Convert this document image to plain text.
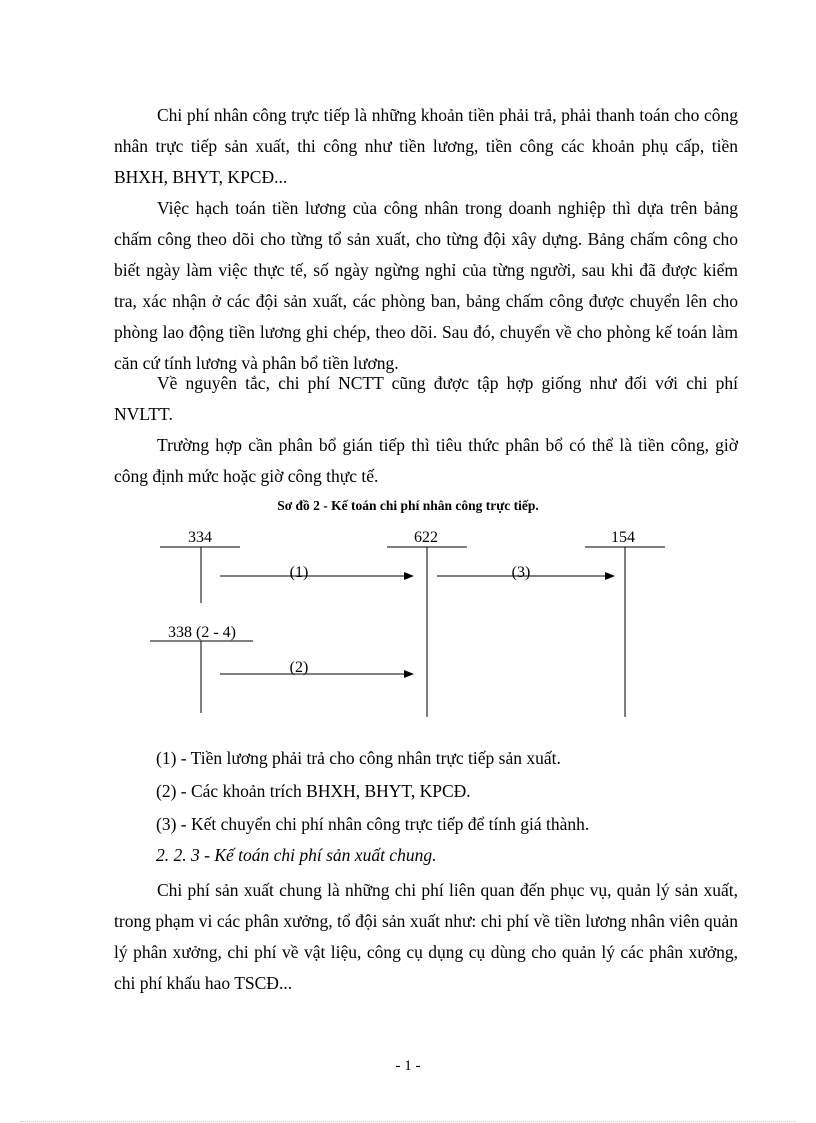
Chi phí nhân công trực tiếp là những khoản tiền phải trả, phải thanh toán cho công nhân trực tiếp sản xuất, thi công như tiền lương, tiền công các khoản phụ cấp, tiền BHXH, BHYT, KPCĐ...

Việc hạch toán tiền lương của công nhân trong doanh nghiệp thì dựa trên bảng chấm công theo dõi cho từng tổ sản xuất, cho từng đội xây dựng. Bảng chấm công cho biết ngày làm việc thực tế, số ngày ngừng nghỉ của từng người, sau khi đã được kiểm tra, xác nhận ở các đội sản xuất, các phòng ban, bảng chấm công được chuyển lên cho phòng lao động tiền lương ghi chép, theo dõi. Sau đó, chuyển về cho phòng kế toán làm căn cứ tính lương và phân bổ tiền lương.

Về nguyên tắc, chi phí NCTT cũng được tập hợp giống như đối với chi phí NVLTT.

Trường hợp cần phân bổ gián tiếp thì tiêu thức phân bổ có thể là tiền công, giờ công định mức hoặc giờ công thực tế.

Sơ đồ 2 - Kế toán chi phí nhân công trực tiếp.
334	622	154
338 (2 - 4)
(1)	(3)
(2)
(1) - Tiền lương phải trả cho công nhân trực tiếp sản xuất.
(2) - Các khoản trích BHXH, BHYT, KPCĐ.
(3) - Kết chuyển chi phí nhân công trực tiếp để tính giá thành.
2. 2. 3 - Kế toán chi phí sản xuất chung.

Chi phí sản xuất chung là những chi phí liên quan đến phục vụ, quản lý sản xuất, trong phạm vi các phân xưởng, tổ đội sản xuất như: chi phí về tiền lương nhân viên quản lý phân xưởng, chi phí về vật liệu, công cụ dụng cụ dùng cho quản lý các phân xưởng, chi phí khấu hao TSCĐ...

- 1 -
